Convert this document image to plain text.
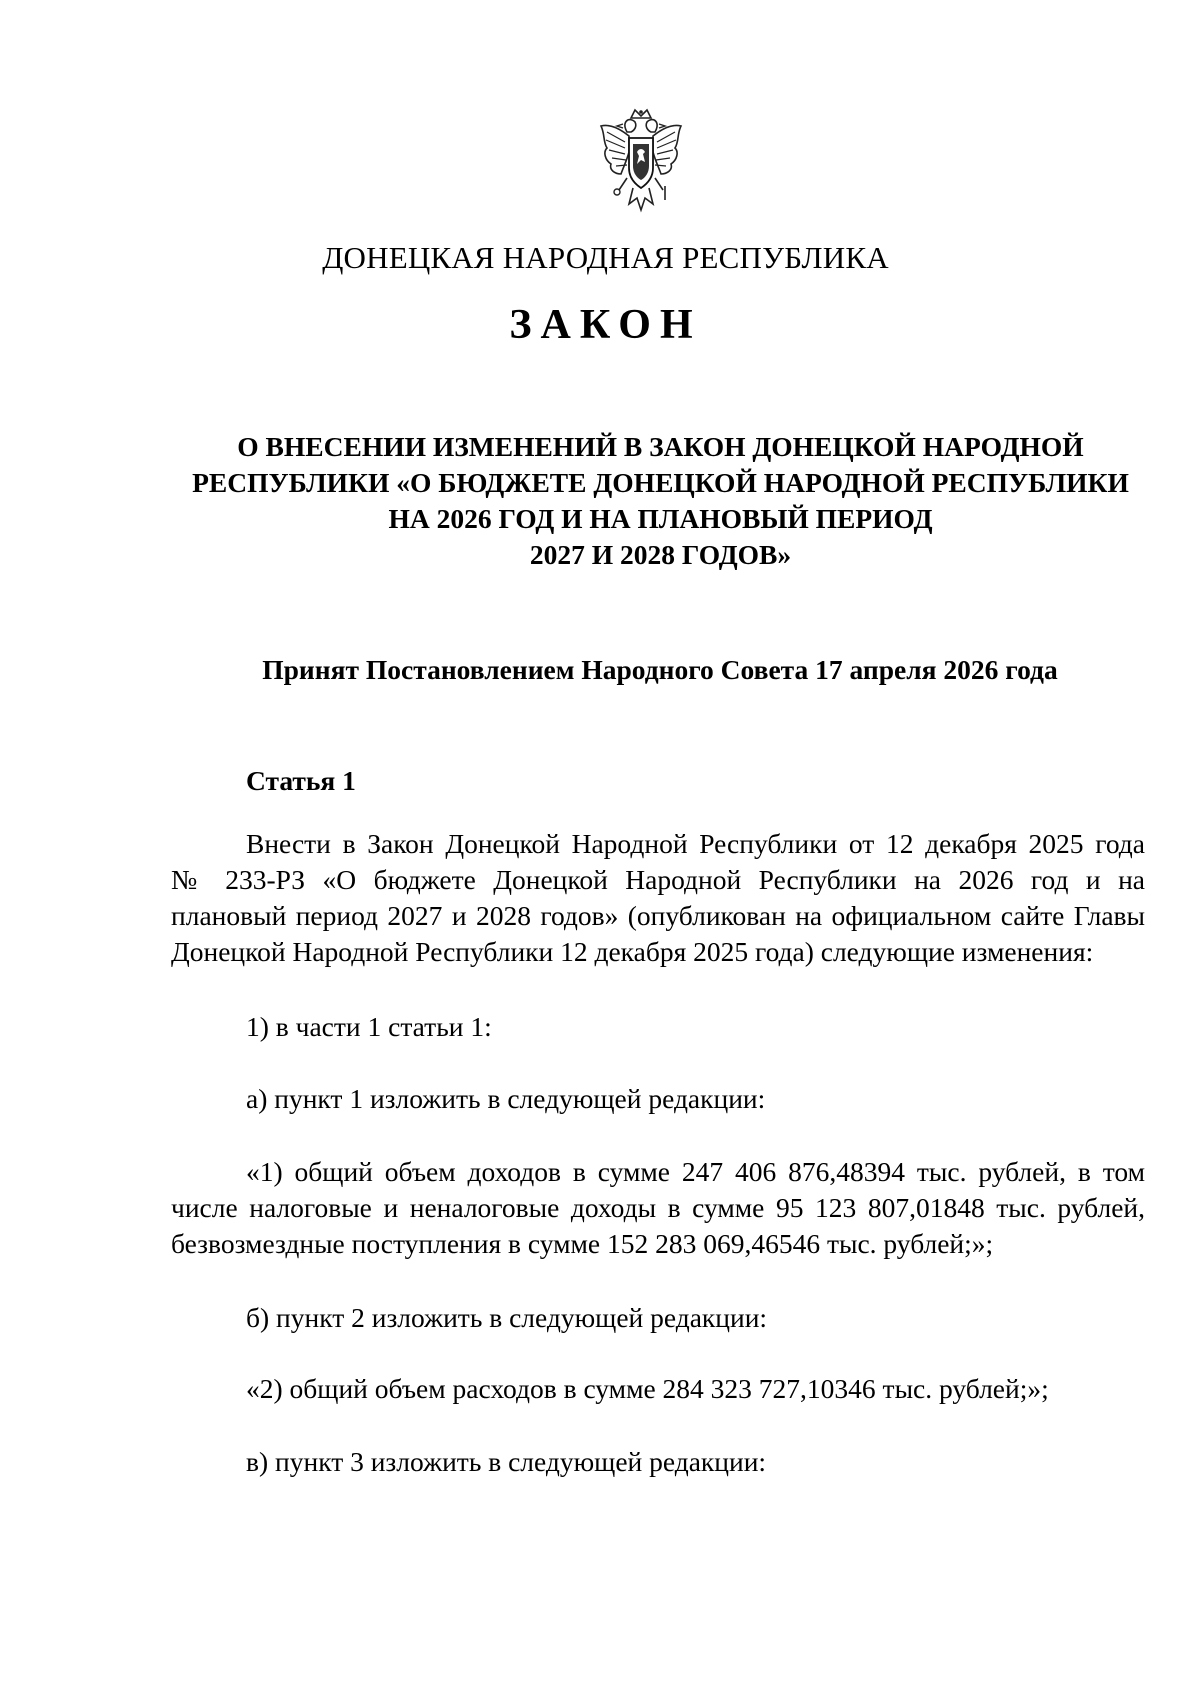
ДОНЕЦКАЯ НАРОДНАЯ РЕСПУБЛИКА
ЗАКОН
О ВНЕСЕНИИ ИЗМЕНЕНИЙ В ЗАКОН ДОНЕЦКОЙ НАРОДНОЙ
РЕСПУБЛИКИ «О БЮДЖЕТЕ ДОНЕЦКОЙ НАРОДНОЙ РЕСПУБЛИКИ
НА 2026 ГОД И НА ПЛАНОВЫЙ ПЕРИОД
2027 И 2028 ГОДОВ»
Принят Постановлением Народного Совета 17 апреля 2026 года
Статья 1
Внести в Закон Донецкой Народной Республики от 12 декабря 2025 года
№ 233-РЗ «О бюджете Донецкой Народной Республики на 2026 год и на
плановый период 2027 и 2028 годов» (опубликован на официальном сайте Главы
Донецкой Народной Республики 12 декабря 2025 года) следующие изменения:
1) в части 1 статьи 1:
а) пункт 1 изложить в следующей редакции:
«1) общий объем доходов в сумме 247 406 876,48394 тыс. рублей, в том
числе налоговые и неналоговые доходы в сумме 95 123 807,01848 тыс. рублей,
безвозмездные поступления в сумме 152 283 069,46546 тыс. рублей;»;
б) пункт 2 изложить в следующей редакции:
«2) общий объем расходов в сумме 284 323 727,10346 тыс. рублей;»;
в) пункт 3 изложить в следующей редакции:
